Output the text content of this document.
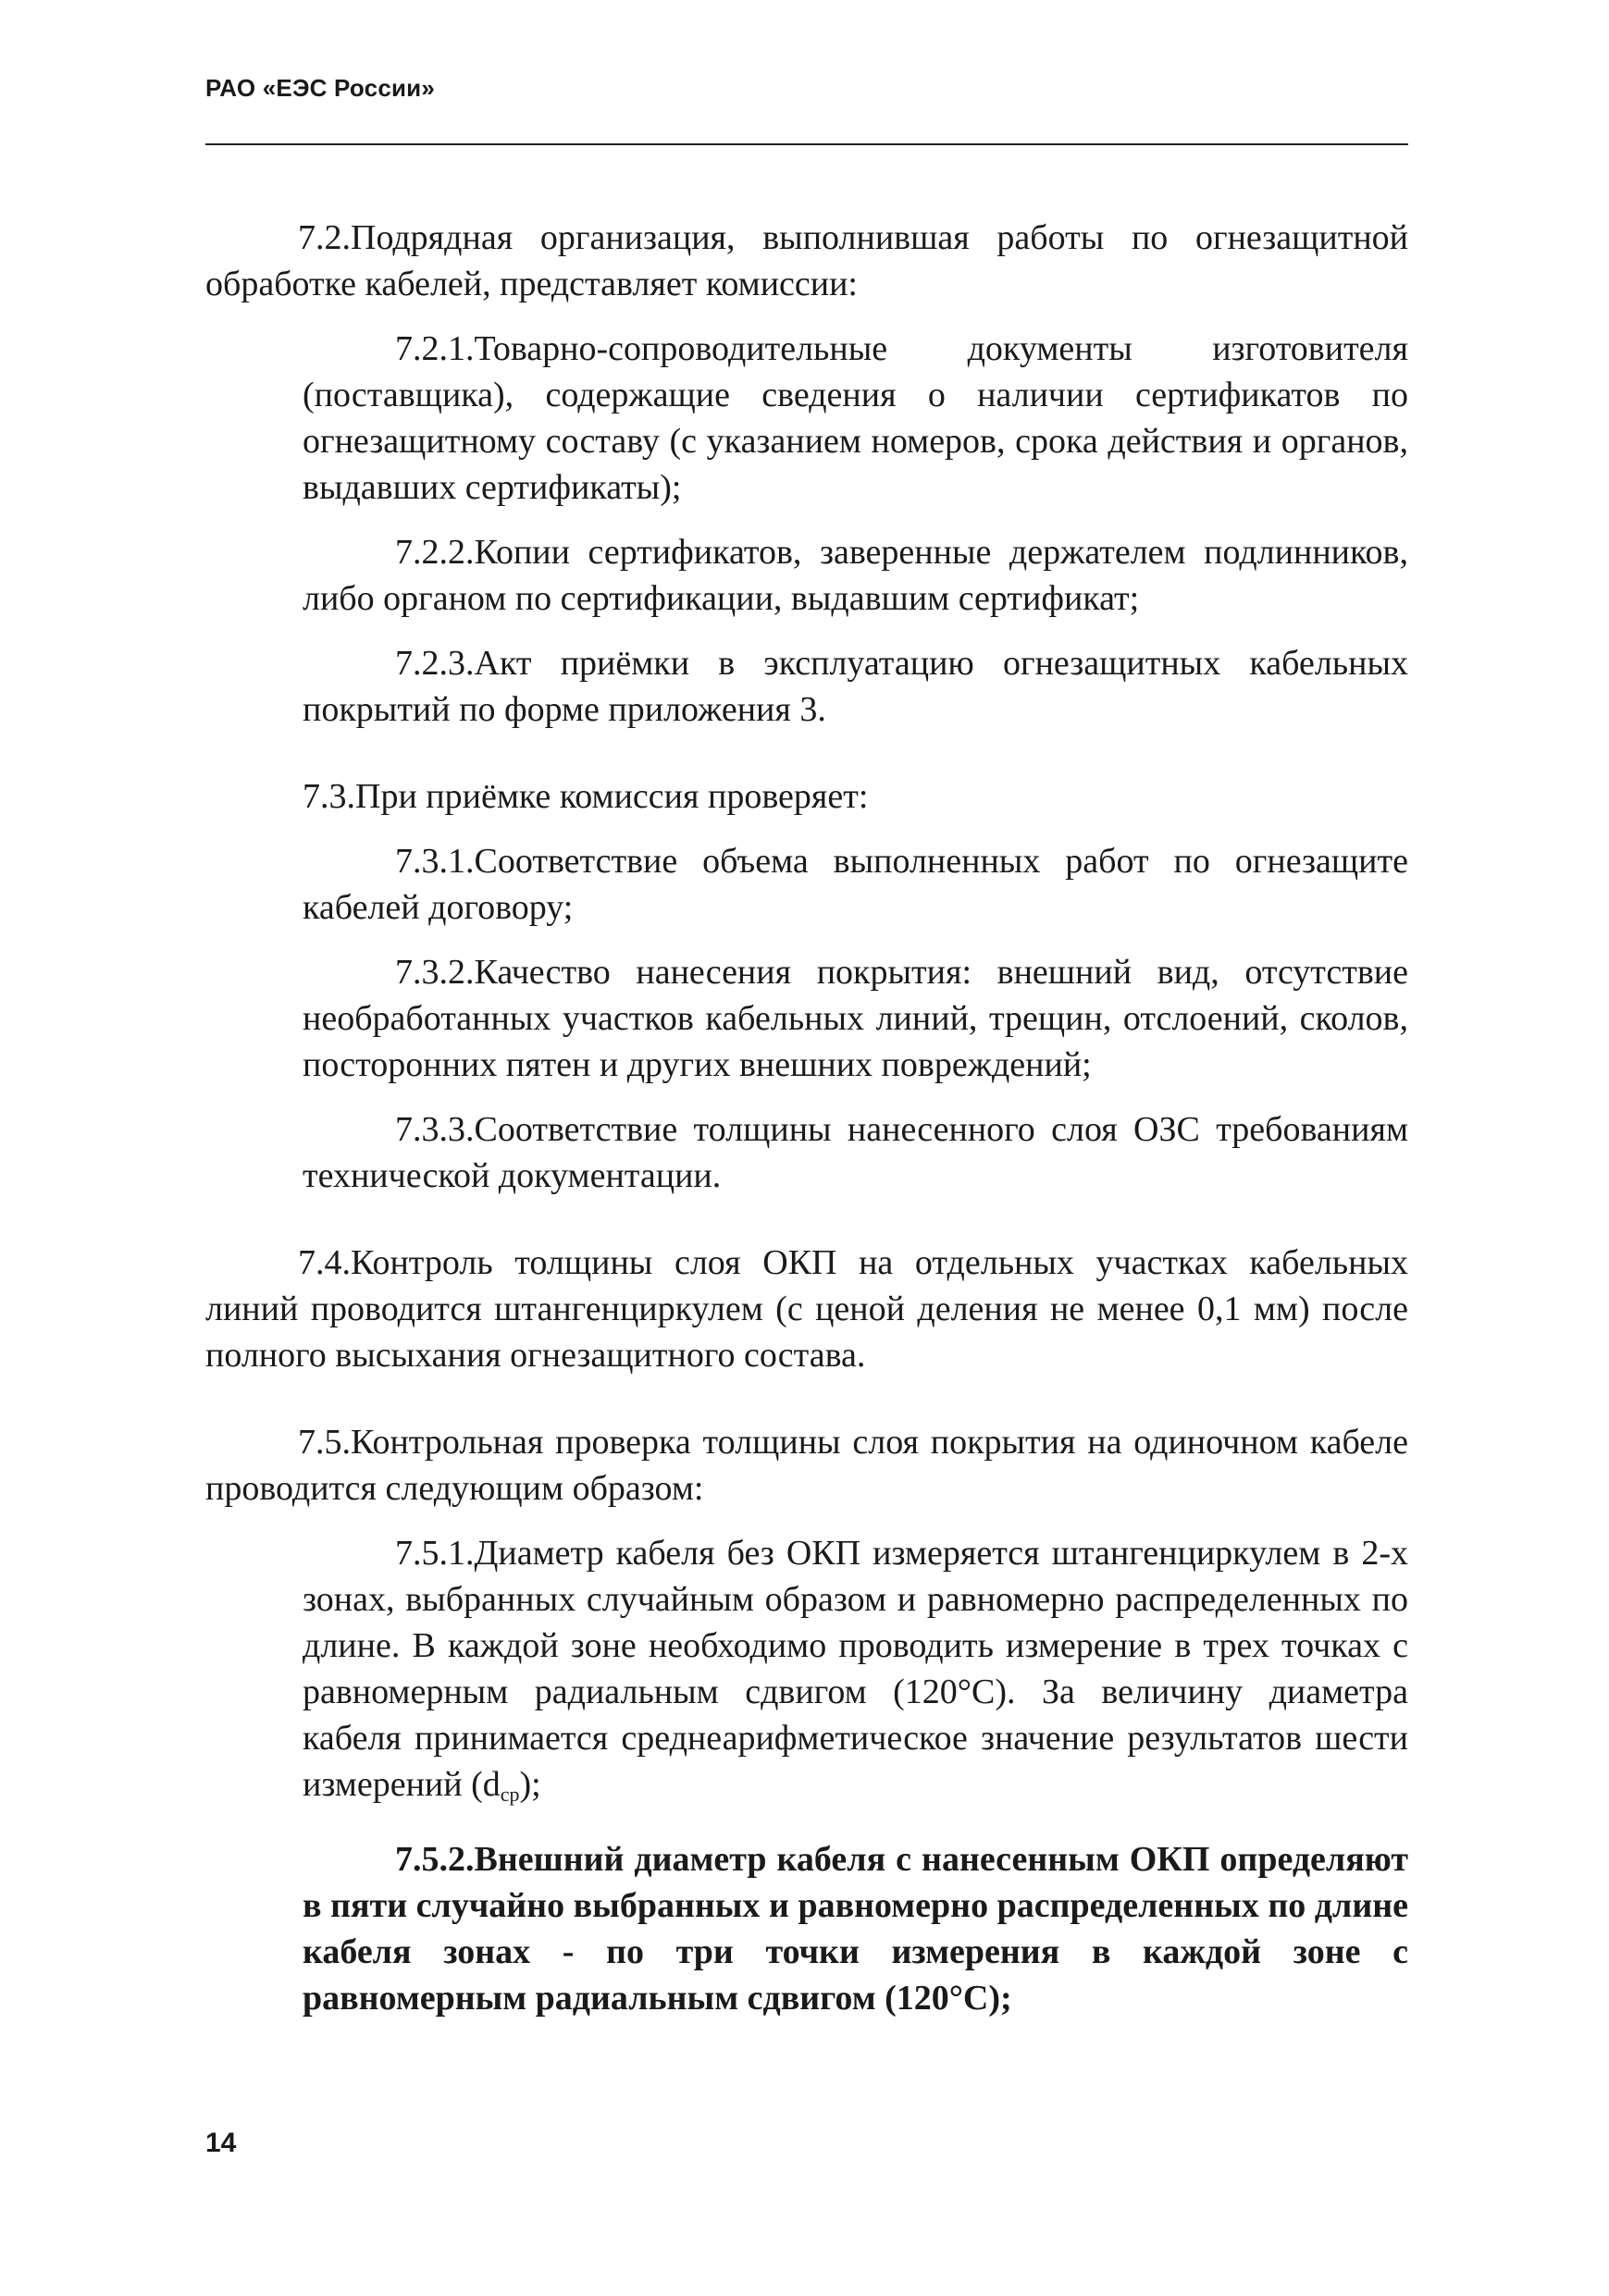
РАО «ЕЭС России»

7.2.Подрядная организация, выполнившая работы по огнезащитной обработке кабелей, представляет комиссии:

7.2.1.Товарно-сопроводительные документы изготовителя (поставщика), содержащие сведения о наличии сертификатов по огнезащитному составу (с указанием номеров, срока действия и органов, выдавших сертификаты);

7.2.2.Копии сертификатов, заверенные держателем подлинников, либо органом по сертификации, выдавшим сертификат;

7.2.3.Акт приёмки в эксплуатацию огнезащитных кабельных покрытий по форме приложения 3.

7.3.При приёмке комиссия проверяет:

7.3.1.Соответствие объема выполненных работ по огнезащите кабелей договору;

7.3.2.Качество нанесения покрытия: внешний вид, отсутствие необработанных участков кабельных линий, трещин, отслоений, сколов, посторонних пятен и других внешних повреждений;

7.3.3.Соответствие толщины нанесенного слоя ОЗС требованиям технической документации.

7.4.Контроль толщины слоя ОКП на отдельных участках кабельных линий проводится штангенциркулем (с ценой деления не менее 0,1 мм) после полного высыхания огнезащитного состава.

7.5.Контрольная проверка толщины слоя покрытия на одиночном кабеле проводится следующим образом:

7.5.1.Диаметр кабеля без ОКП измеряется штангенциркулем в 2-х зонах, выбранных случайным образом и равномерно распределенных по длине. В каждой зоне необходимо проводить измерение в трех точках с равномерным радиальным сдвигом (120°С). За величину диаметра кабеля принимается среднеарифметическое значение результатов шести измерений $(d_{ср})$;

7.5.2.Внешний диаметр кабеля с нанесенным ОКП определяют в пяти случайно выбранных и равномерно распределенных по длине кабеля зонах - по три точки измерения в каждой зоне с равномерным радиальным сдвигом (120°С);

14
